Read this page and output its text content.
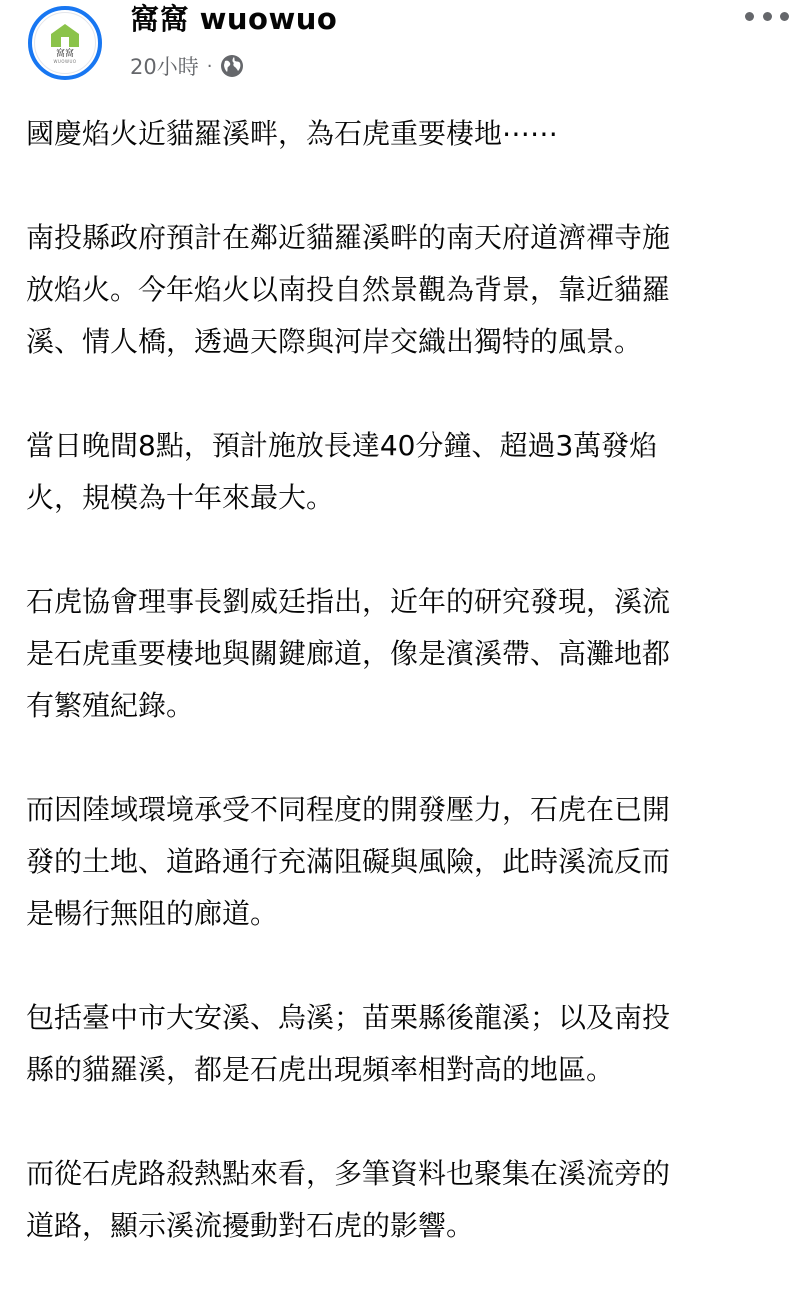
窩窩
WUOWUO
窩窩 wuowuo
20小時 ·

國慶焰火近貓羅溪畔，為石虎重要棲地⋯⋯

南投縣政府預計在鄰近貓羅溪畔的南天府道濟禪寺施
放焰火。今年焰火以南投自然景觀為背景，靠近貓羅
溪、情人橋，透過天際與河岸交織出獨特的風景。

當日晚間8點，預計施放長達40分鐘、超過3萬發焰
火，規模為十年來最大。

石虎協會理事長劉威廷指出，近年的研究發現，溪流
是石虎重要棲地與關鍵廊道，像是濱溪帶、高灘地都
有繁殖紀錄。

而因陸域環境承受不同程度的開發壓力，石虎在已開
發的土地、道路通行充滿阻礙與風險，此時溪流反而
是暢行無阻的廊道。

包括臺中市大安溪、烏溪；苗栗縣後龍溪；以及南投
縣的貓羅溪，都是石虎出現頻率相對高的地區。

而從石虎路殺熱點來看，多筆資料也聚集在溪流旁的
道路，顯示溪流擾動對石虎的影響。
